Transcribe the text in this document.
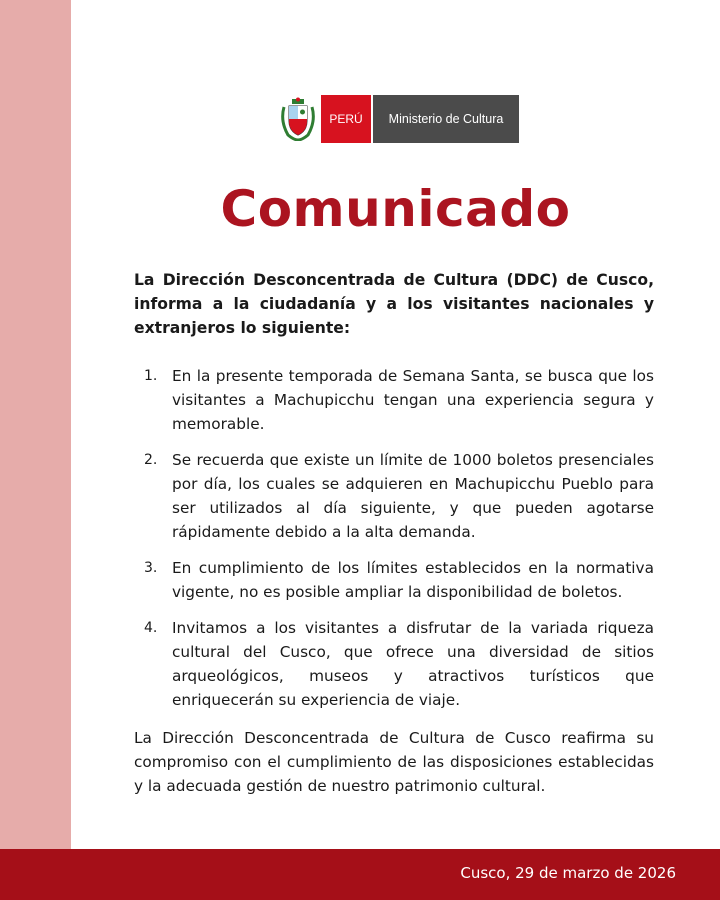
PERÚ	Ministerio de Cultura
Comunicado

La Dirección Desconcentrada de Cultura (DDC) de Cusco, informa a la ciudadanía y a los visitantes nacionales y extranjeros lo siguiente:

1. En la presente temporada de Semana Santa, se busca que los visitantes a Machupicchu tengan una experiencia segura y memorable.
2. Se recuerda que existe un límite de 1000 boletos presenciales por día, los cuales se adquieren en Machupicchu Pueblo para ser utilizados al día siguiente, y que pueden agotarse rápidamente debido a la alta demanda.
3. En cumplimiento de los límites establecidos en la normativa vigente, no es posible ampliar la disponibilidad de boletos.
4. Invitamos a los visitantes a disfrutar de la variada riqueza cultural del Cusco, que ofrece una diversidad de sitios arqueológicos, museos y atractivos turísticos que enriquecerán su experiencia de viaje.

La Dirección Desconcentrada de Cultura de Cusco reafirma su compromiso con el cumplimiento de las disposiciones establecidas y la adecuada gestión de nuestro patrimonio cultural.

Cusco, 29 de marzo de 2026
